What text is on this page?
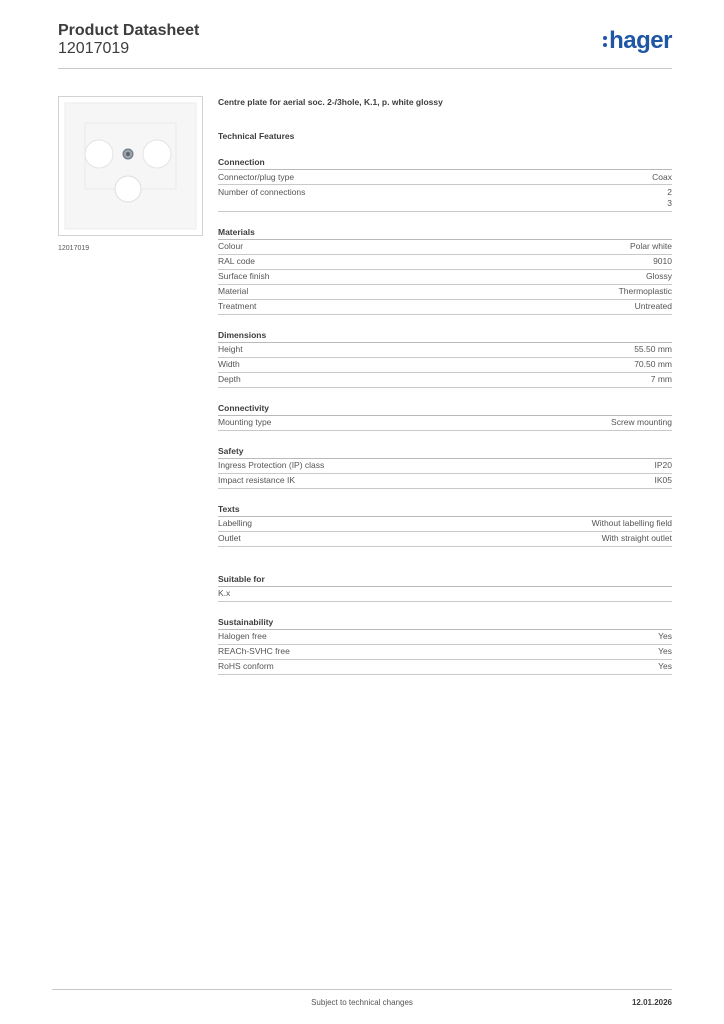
Product Datasheet
12017019	hager
12017019
Centre plate for aerial soc. 2-/3hole, K.1, p. white glossy
Technical Features
Connection
Connector/plug type	Coax
Number of connections	2
3
Materials
Colour	Polar white
RAL code	9010
Surface finish	Glossy
Material	Thermoplastic
Treatment	Untreated
Dimensions
Height	55.50 mm
Width	70.50 mm
Depth	7 mm
Connectivity
Mounting type	Screw mounting
Safety
Ingress Protection (IP) class	IP20
Impact resistance IK	IK05
Texts
Labelling	Without labelling field
Outlet	With straight outlet
Suitable for
K.x
Sustainability
Halogen free	Yes
REACh-SVHC free	Yes
RoHS conform	Yes
Subject to technical changes	12.01.2026
